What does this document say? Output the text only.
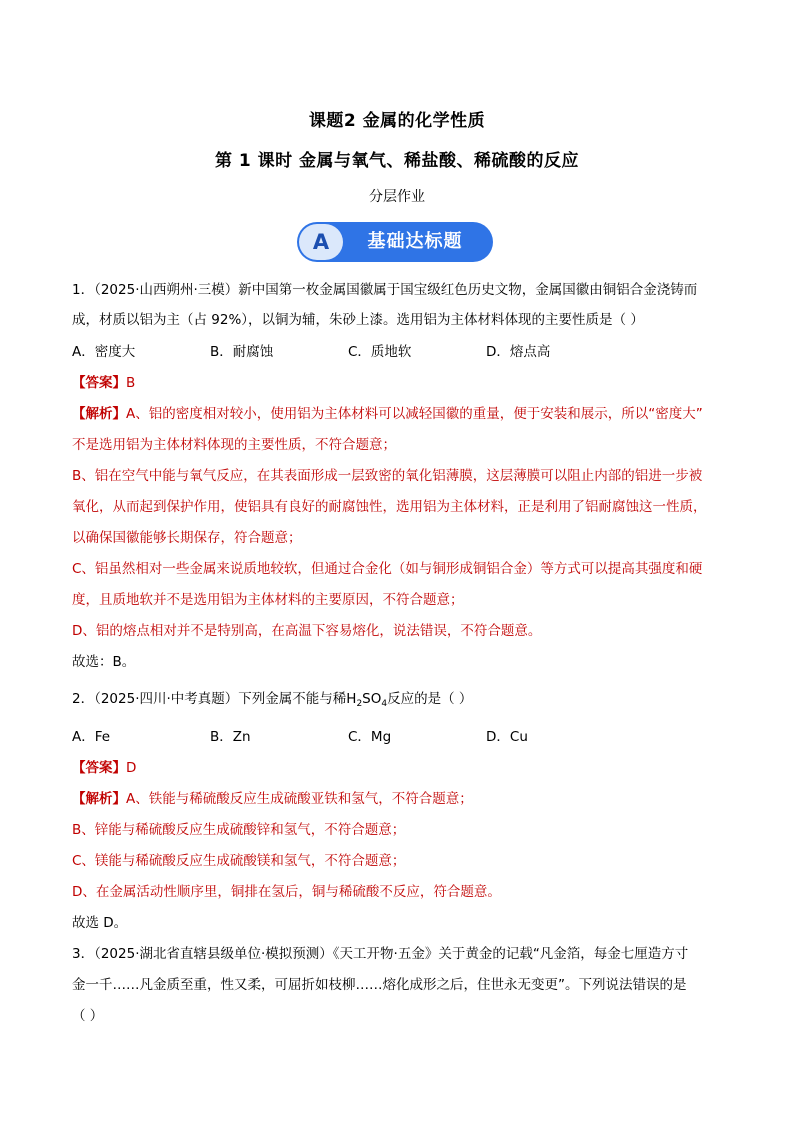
课题2 金属的化学性质
第 1 课时 金属与氧气、稀盐酸、稀硫酸的反应
分层作业
A	基础达标题
1．（2025·山西朔州·三模）新中国第一枚金属国徽属于国宝级红色历史文物，金属国徽由铜铝合金浇铸而
成，材质以铝为主（占 92%），以铜为辅，朱砂上漆。选用铝为主体材料体现的主要性质是（ ）
A．密度大	B．耐腐蚀	C．质地软	D．熔点高
【答案】B
【解析】A、铝的密度相对较小，使用铝为主体材料可以减轻国徽的重量，便于安装和展示，所以“密度大”
不是选用铝为主体材料体现的主要性质，不符合题意；
B、铝在空气中能与氧气反应，在其表面形成一层致密的氧化铝薄膜，这层薄膜可以阻止内部的铝进一步被
氧化，从而起到保护作用，使铝具有良好的耐腐蚀性，选用铝为主体材料，正是利用了铝耐腐蚀这一性质，
以确保国徽能够长期保存，符合题意；
C、铝虽然相对一些金属来说质地较软，但通过合金化（如与铜形成铜铝合金）等方式可以提高其强度和硬
度，且质地软并不是选用铝为主体材料的主要原因，不符合题意；
D、铝的熔点相对并不是特别高，在高温下容易熔化，说法错误，不符合题意。
故选：B。
2．（2025·四川·中考真题）下列金属不能与稀$H_2SO_4$反应的是（ ）
A．Fe	B．Zn	C．Mg	D．Cu
【答案】D
【解析】A、铁能与稀硫酸反应生成硫酸亚铁和氢气，不符合题意；
B、锌能与稀硫酸反应生成硫酸锌和氢气，不符合题意；
C、镁能与稀硫酸反应生成硫酸镁和氢气，不符合题意；
D、在金属活动性顺序里，铜排在氢后，铜与稀硫酸不反应，符合题意。
故选 D。
3．（2025·湖北省直辖县级单位·模拟预测）《天工开物·五金》关于黄金的记载“凡金箔，每金七厘造方寸
金一千……凡金质至重，性又柔，可屈折如枝柳……熔化成形之后，住世永无变更”。下列说法错误的是
（ ）
